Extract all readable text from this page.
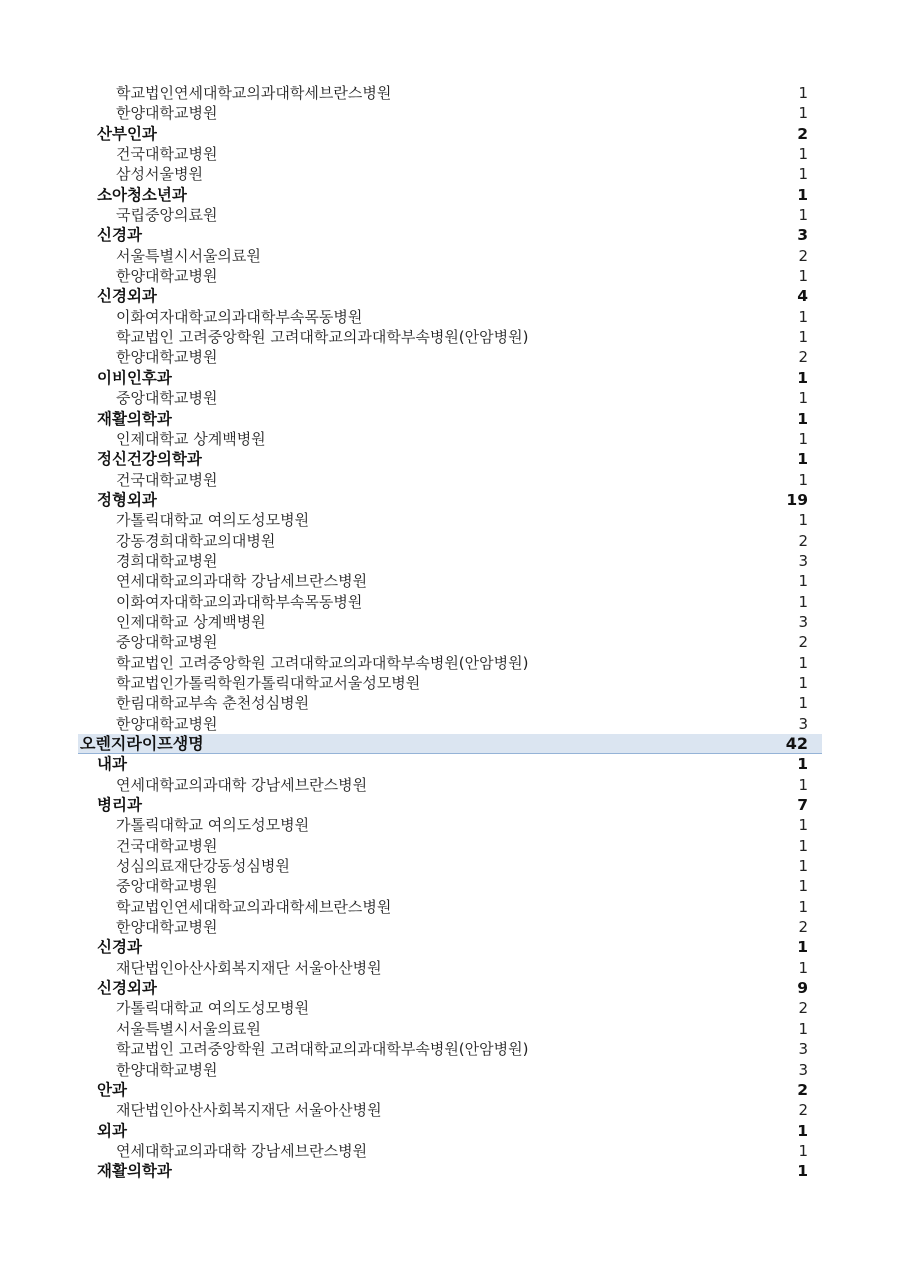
학교법인연세대학교의과대학세브란스병원	1
한양대학교병원	1
산부인과	2
건국대학교병원	1
삼성서울병원	1
소아청소년과	1
국립중앙의료원	1
신경과	3
서울특별시서울의료원	2
한양대학교병원	1
신경외과	4
이화여자대학교의과대학부속목동병원	1
학교법인 고려중앙학원 고려대학교의과대학부속병원(안암병원)	1
한양대학교병원	2
이비인후과	1
중앙대학교병원	1
재활의학과	1
인제대학교 상계백병원	1
정신건강의학과	1
건국대학교병원	1
정형외과	19
가톨릭대학교 여의도성모병원	1
강동경희대학교의대병원	2
경희대학교병원	3
연세대학교의과대학 강남세브란스병원	1
이화여자대학교의과대학부속목동병원	1
인제대학교 상계백병원	3
중앙대학교병원	2
학교법인 고려중앙학원 고려대학교의과대학부속병원(안암병원)	1
학교법인가톨릭학원가톨릭대학교서울성모병원	1
한림대학교부속 춘천성심병원	1
한양대학교병원	3
오렌지라이프생명	42
내과	1
연세대학교의과대학 강남세브란스병원	1
병리과	7
가톨릭대학교 여의도성모병원	1
건국대학교병원	1
성심의료재단강동성심병원	1
중앙대학교병원	1
학교법인연세대학교의과대학세브란스병원	1
한양대학교병원	2
신경과	1
재단법인아산사회복지재단 서울아산병원	1
신경외과	9
가톨릭대학교 여의도성모병원	2
서울특별시서울의료원	1
학교법인 고려중앙학원 고려대학교의과대학부속병원(안암병원)	3
한양대학교병원	3
안과	2
재단법인아산사회복지재단 서울아산병원	2
외과	1
연세대학교의과대학 강남세브란스병원	1
재활의학과	1
